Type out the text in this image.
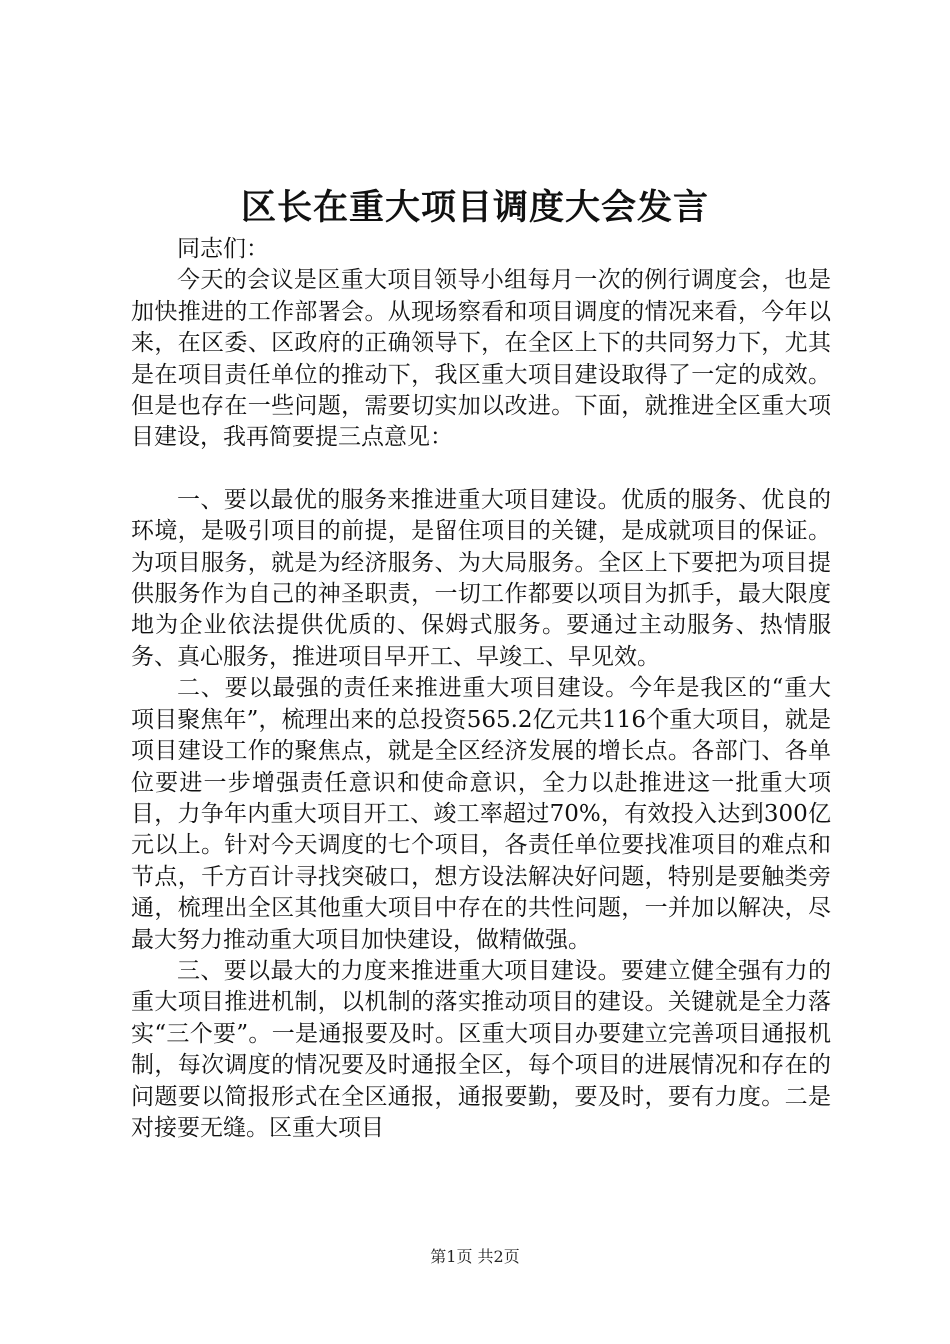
区长在重大项目调度大会发言

同志们：

今天的会议是区重大项目领导小组每月一次的例行调度会，也是加快推进的工作部署会。从现场察看和项目调度的情况来看，今年以来，在区委、区政府的正确领导下，在全区上下的共同努力下，尤其是在项目责任单位的推动下，我区重大项目建设取得了一定的成效。但是也存在一些问题，需要切实加以改进。下面，就推进全区重大项目建设，我再简要提三点意见：

一、要以最优的服务来推进重大项目建设。优质的服务、优良的环境，是吸引项目的前提，是留住项目的关键，是成就项目的保证。为项目服务，就是为经济服务、为大局服务。全区上下要把为项目提供服务作为自己的神圣职责，一切工作都要以项目为抓手，最大限度地为企业依法提供优质的、保姆式服务。要通过主动服务、热情服务、真心服务，推进项目早开工、早竣工、早见效。

二、要以最强的责任来推进重大项目建设。今年是我区的“重大项目聚焦年”，梳理出来的总投资565.2亿元共116个重大项目，就是项目建设工作的聚焦点，就是全区经济发展的增长点。各部门、各单位要进一步增强责任意识和使命意识，全力以赴推进这一批重大项目，力争年内重大项目开工、竣工率超过70%，有效投入达到300亿元以上。针对今天调度的七个项目，各责任单位要找准项目的难点和节点，千方百计寻找突破口，想方设法解决好问题，特别是要触类旁通，梳理出全区其他重大项目中存在的共性问题，一并加以解决，尽最大努力推动重大项目加快建设，做精做强。

三、要以最大的力度来推进重大项目建设。要建立健全强有力的重大项目推进机制，以机制的落实推动项目的建设。关键就是全力落实“三个要”。一是通报要及时。区重大项目办要建立完善项目通报机制，每次调度的情况要及时通报全区，每个项目的进展情况和存在的问题要以简报形式在全区通报，通报要勤，要及时，要有力度。二是对接要无缝。区重大项目

第1页 共2页
